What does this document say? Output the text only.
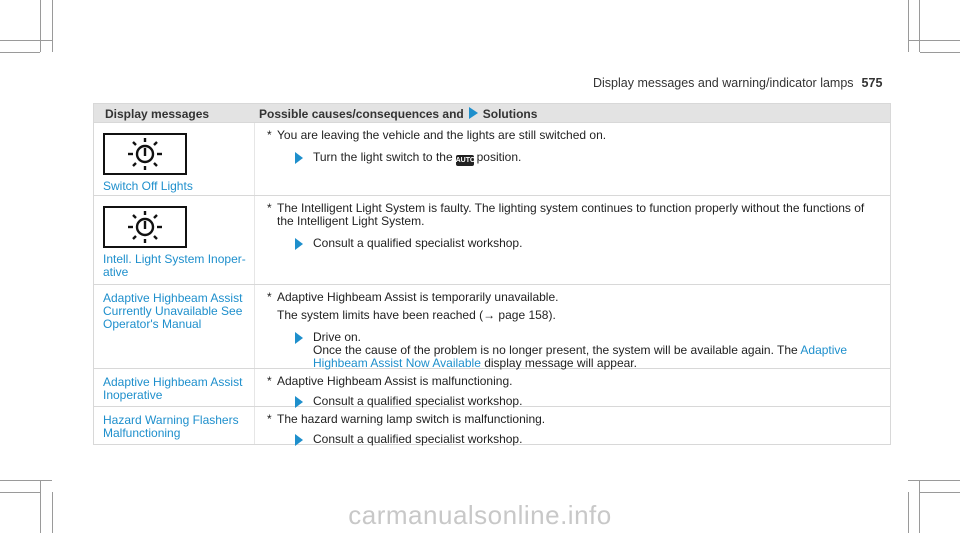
Display messages and warning/indicator lamps 575
Display messages	Possible causes/consequences and Solutions
Switch Off Lights
* You are leaving the vehicle and the lights are still switched on.
Turn the light switch to the AUTOposition.
Intell. Light System Inoper-ative
* The Intelligent Light System is faulty. The lighting system continues to function properly without the functions of the Intelligent Light System.
Consult a qualified specialist workshop.
Adaptive Highbeam Assist Currently Unavailable See Operator's Manual
* Adaptive Highbeam Assist is temporarily unavailable.
The system limits have been reached (→ page 158).
Drive on.
Once the cause of the problem is no longer present, the system will be available again. The Adaptive Highbeam Assist Now Available display message will appear.
Adaptive Highbeam Assist Inoperative
* Adaptive Highbeam Assist is malfunctioning.
Consult a qualified specialist workshop.
Hazard Warning Flashers Malfunctioning
* The hazard warning lamp switch is malfunctioning.
Consult a qualified specialist workshop.
carmanualsonline.info
